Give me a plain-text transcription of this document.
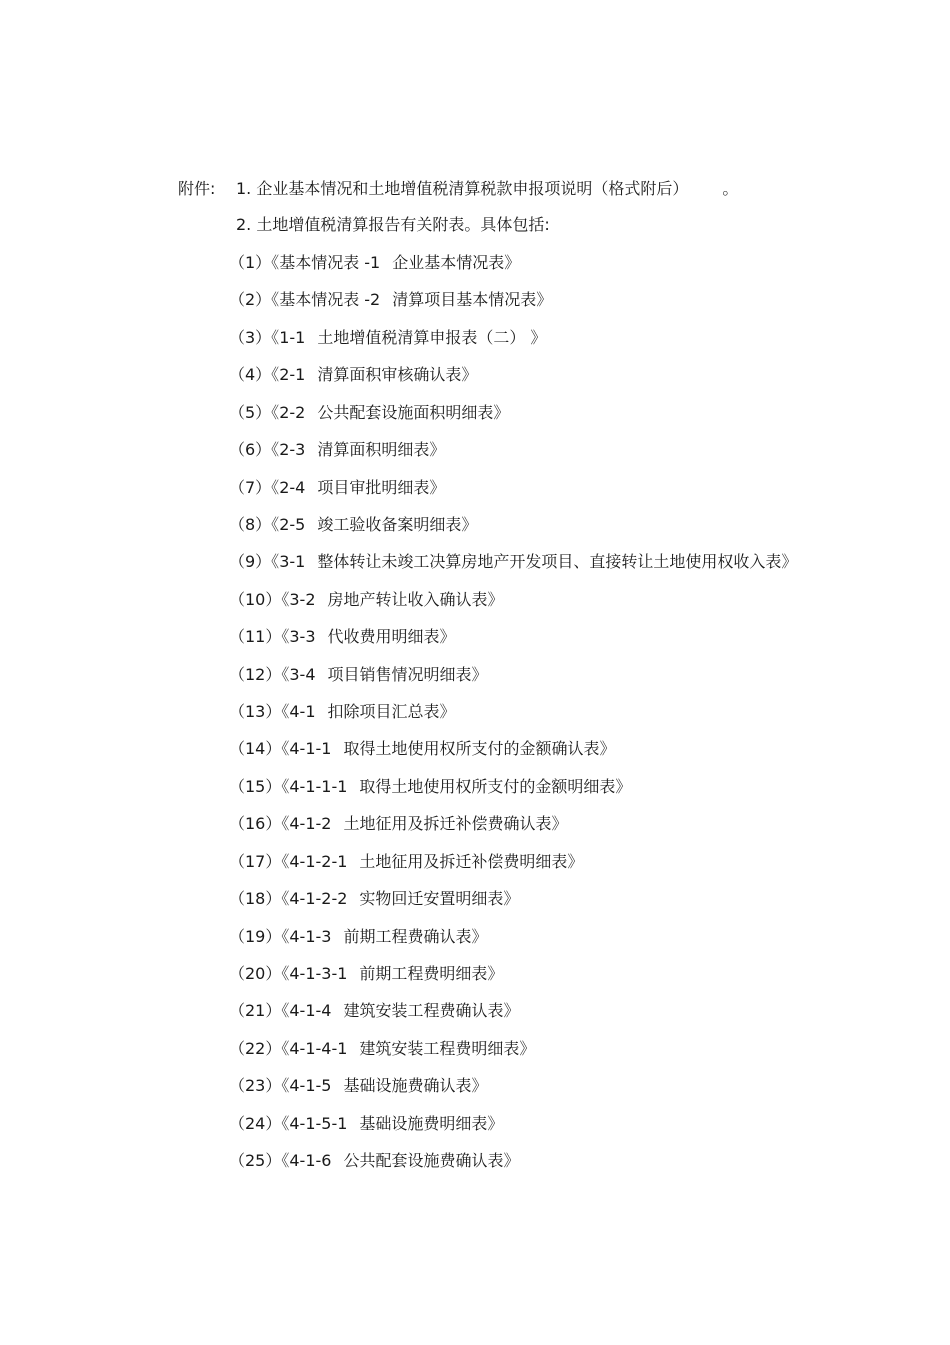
附件: 1. 企业基本情况和土地增值税清算税款申报项说明（格式附后） 。
2. 土地增值税清算报告有关附表。具体包括:
（1）《基本情况表 -1 企业基本情况表》
（2）《基本情况表 -2 清算项目基本情况表》
（3）《1-1 土地增值税清算申报表（二） 》
（4）《2-1 清算面积审核确认表》
（5）《2-2 公共配套设施面积明细表》
（6）《2-3 清算面积明细表》
（7）《2-4 项目审批明细表》
（8）《2-5 竣工验收备案明细表》
（9）《3-1 整体转让未竣工决算房地产开发项目、直接转让土地使用权收入表》
（10）《3-2 房地产转让收入确认表》
（11）《3-3 代收费用明细表》
（12）《3-4 项目销售情况明细表》
（13）《4-1 扣除项目汇总表》
（14）《4-1-1 取得土地使用权所支付的金额确认表》
（15）《4-1-1-1 取得土地使用权所支付的金额明细表》
（16）《4-1-2 土地征用及拆迁补偿费确认表》
（17）《4-1-2-1 土地征用及拆迁补偿费明细表》
（18）《4-1-2-2 实物回迁安置明细表》
（19）《4-1-3 前期工程费确认表》
（20）《4-1-3-1 前期工程费明细表》
（21）《4-1-4 建筑安装工程费确认表》
（22）《4-1-4-1 建筑安装工程费明细表》
（23）《4-1-5 基础设施费确认表》
（24）《4-1-5-1 基础设施费明细表》
（25）《4-1-6 公共配套设施费确认表》
